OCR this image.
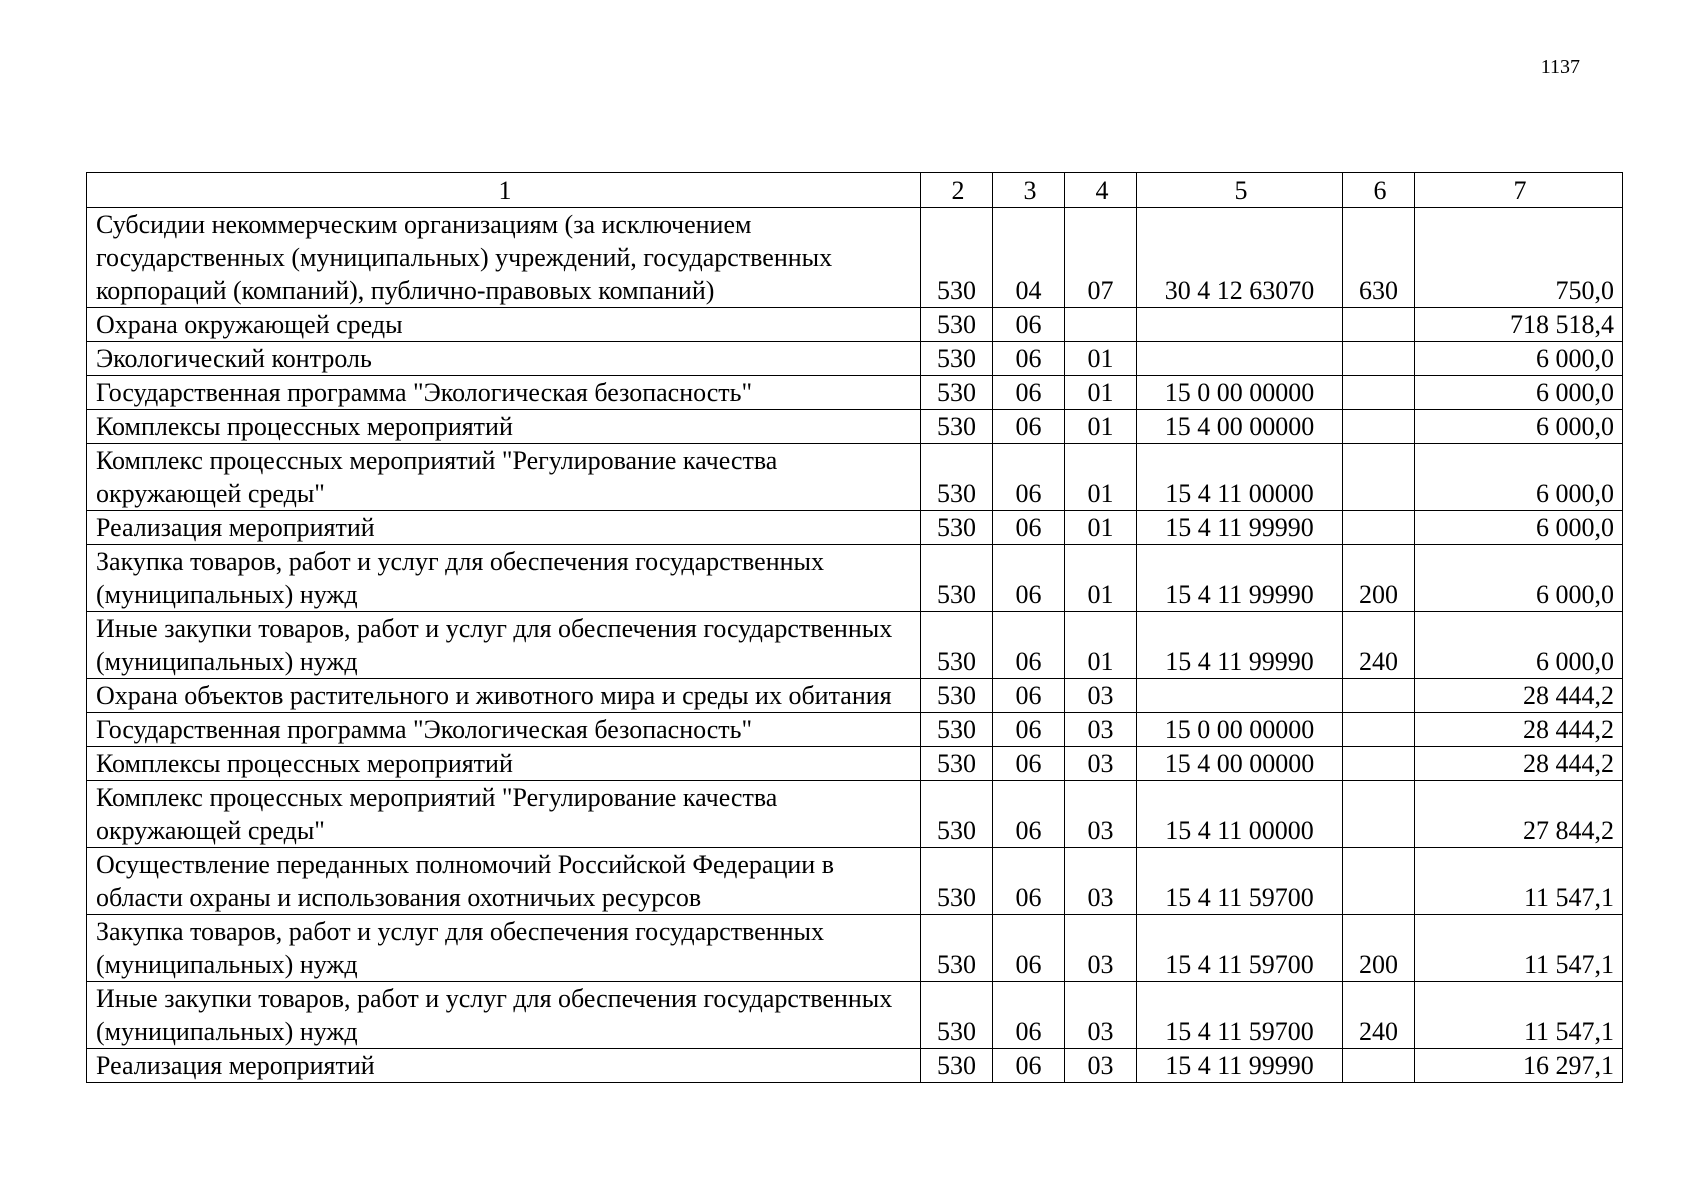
1137
1	2	3	4	5	6	7
Субсидии некоммерческим организациям (за исключением государственных (муниципальных) учреждений, государственных корпораций (компаний), публично-правовых компаний)	530	04	07	30 4 12 63070	630	750,0
Охрана окружающей среды	530	06				718 518,4
Экологический контроль	530	06	01			6 000,0
Государственная программа "Экологическая безопасность"	530	06	01	15 0 00 00000		6 000,0
Комплексы процессных мероприятий	530	06	01	15 4 00 00000		6 000,0
Комплекс процессных мероприятий "Регулирование качества окружающей среды"	530	06	01	15 4 11 00000		6 000,0
Реализация мероприятий	530	06	01	15 4 11 99990		6 000,0
Закупка товаров, работ и услуг для обеспечения государственных (муниципальных) нужд	530	06	01	15 4 11 99990	200	6 000,0
Иные закупки товаров, работ и услуг для обеспечения государственных (муниципальных) нужд	530	06	01	15 4 11 99990	240	6 000,0
Охрана объектов растительного и животного мира и среды их обитания	530	06	03			28 444,2
Государственная программа "Экологическая безопасность"	530	06	03	15 0 00 00000		28 444,2
Комплексы процессных мероприятий	530	06	03	15 4 00 00000		28 444,2
Комплекс процессных мероприятий "Регулирование качества окружающей среды"	530	06	03	15 4 11 00000		27 844,2
Осуществление переданных полномочий Российской Федерации в области охраны и использования охотничьих ресурсов	530	06	03	15 4 11 59700		11 547,1
Закупка товаров, работ и услуг для обеспечения государственных (муниципальных) нужд	530	06	03	15 4 11 59700	200	11 547,1
Иные закупки товаров, работ и услуг для обеспечения государственных (муниципальных) нужд	530	06	03	15 4 11 59700	240	11 547,1
Реализация мероприятий	530	06	03	15 4 11 99990		16 297,1
